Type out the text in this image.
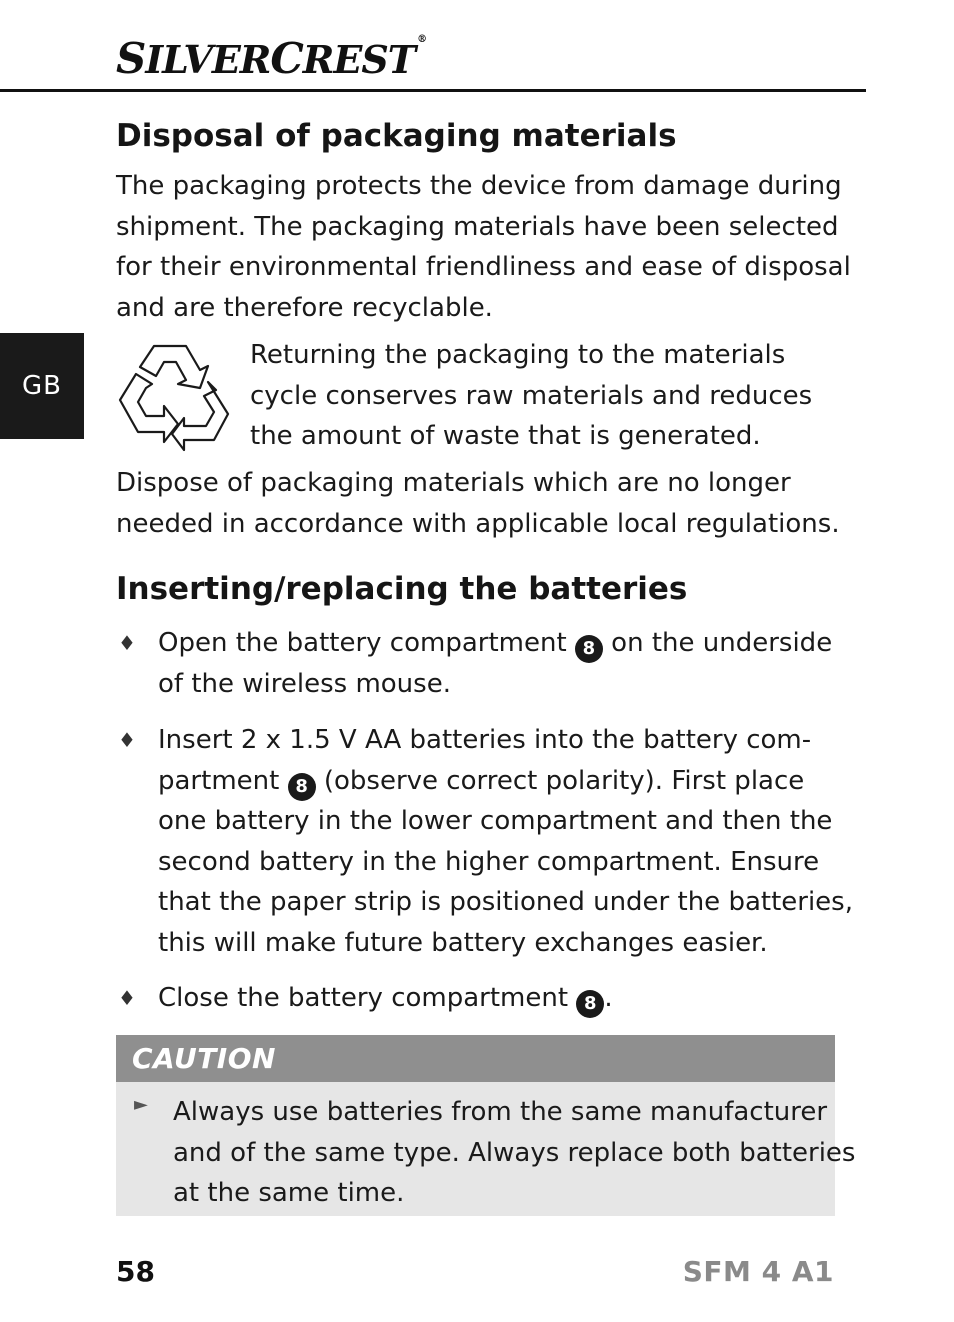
SILVERCREST ®
GB
Disposal of packaging materials
The packaging protects the device from damage during
shipment. The packaging materials have been selected
for their environmental friendliness and ease of disposal
and are therefore recyclable.
Returning the packaging to the materials
cycle conserves raw materials and reduces
the amount of waste that is generated.
Dispose of packaging materials which are no longer
needed in accordance with applicable local regulations.
Inserting/replacing the batteries
♦ Open the battery compartment 8 on the underside
of the wireless mouse.
♦ Insert 2 x 1.5 V AA batteries into the battery com-
partment 8 (observe correct polarity). First place
one battery in the lower compartment and then the
second battery in the higher compartment. Ensure
that the paper strip is positioned under the batteries,
this will make future battery exchanges easier.
♦ Close the battery compartment 8 .
CAUTION
► Always use batteries from the same manufacturer
and of the same type. Always replace both batteries
at the same time.
58	SFM 4 A1
